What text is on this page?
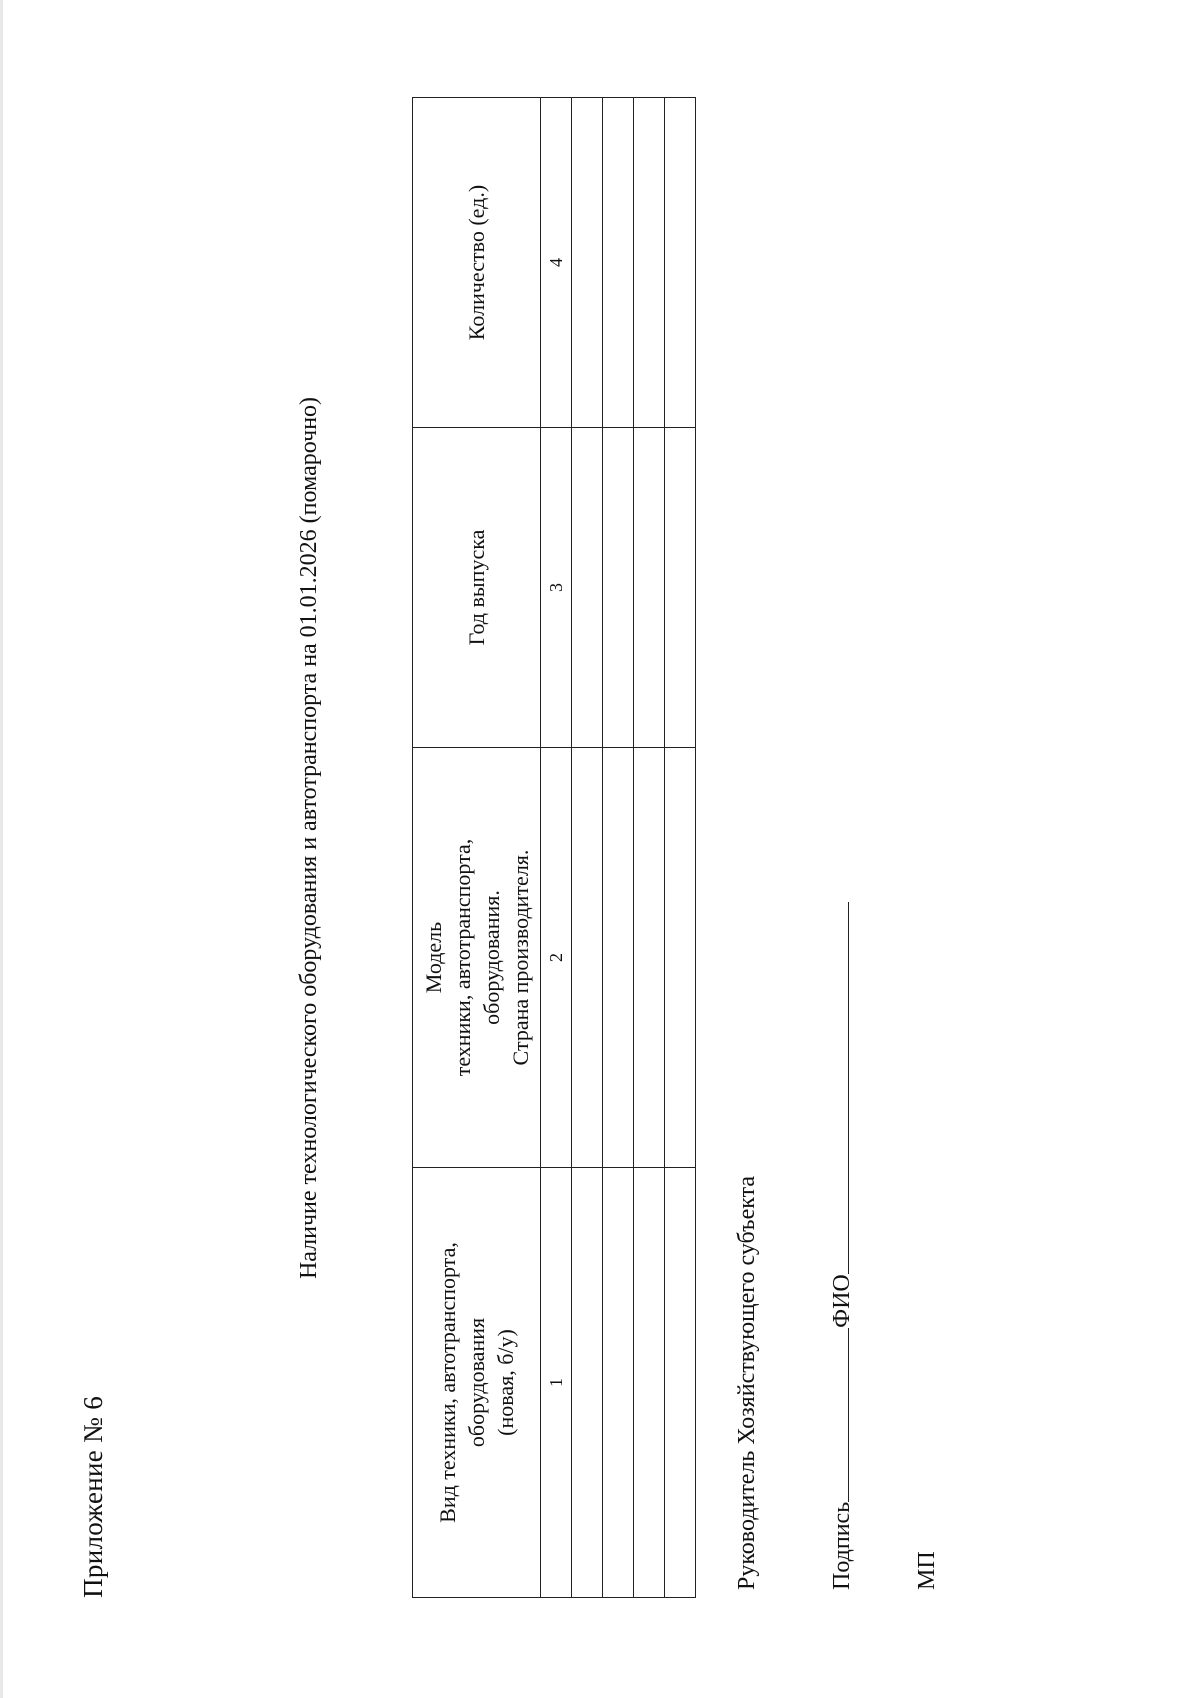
Приложение № 6
Наличие технологического оборудования и автотранспорта на 01.01.2026 (помарочно)
Вид техники, автотранспорта, оборудования (новая, б/у)	Модель техники, автотранспорта, оборудования. Страна производителя.	Год выпуска	Количество (ед.)

1	2	3	4

Руководитель Хозяйствующего субъекта	ПодписьФИО
МП
